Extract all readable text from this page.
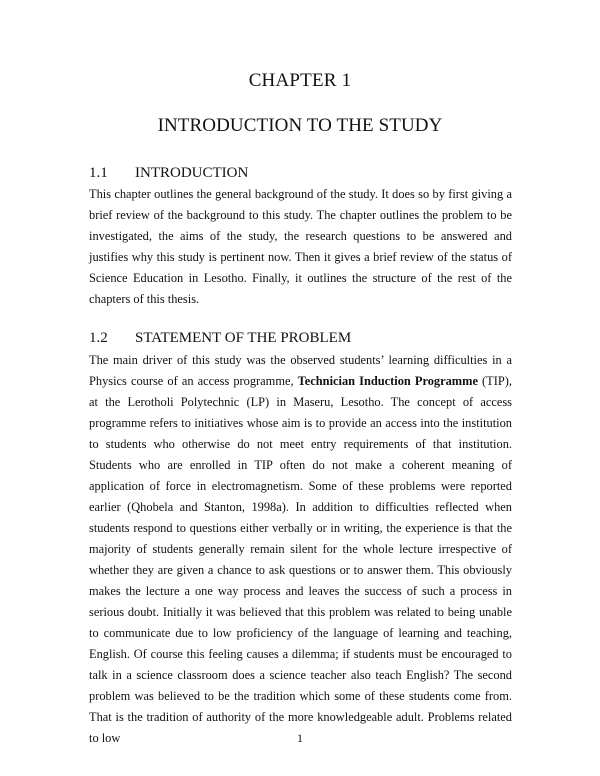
CHAPTER 1
INTRODUCTION TO THE STUDY
1.1 INTRODUCTION

This chapter outlines the general background of the study. It does so by first giving a brief review of the background to this study. The chapter outlines the problem to be investigated, the aims of the study, the research questions to be answered and justifies why this study is pertinent now. Then it gives a brief review of the status of Science Education in Lesotho. Finally, it outlines the structure of the rest of the chapters of this thesis.

1.2 STATEMENT OF THE PROBLEM

The main driver of this study was the observed students’ learning difficulties in a Physics course of an access programme, Technician Induction Programme (TIP), at the Lerotholi Polytechnic (LP) in Maseru, Lesotho. The concept of access programme refers to initiatives whose aim is to provide an access into the institution to students who otherwise do not meet entry requirements of that institution. Students who are enrolled in TIP often do not make a coherent meaning of application of force in electromagnetism. Some of these problems were reported earlier (Qhobela and Stanton, 1998a). In addition to difficulties reflected when students respond to questions either verbally or in writing, the experience is that the majority of students generally remain silent for the whole lecture irrespective of whether they are given a chance to ask questions or to answer them. This obviously makes the lecture a one way process and leaves the success of such a process in serious doubt. Initially it was believed that this problem was related to being unable to communicate due to low proficiency of the language of learning and teaching, English. Of course this feeling causes a dilemma; if students must be encouraged to talk in a science classroom does a science teacher also teach English? The second problem was believed to be the tradition which some of these students come from. That is the tradition of authority of the more knowledgeable adult. Problems related to low	1
